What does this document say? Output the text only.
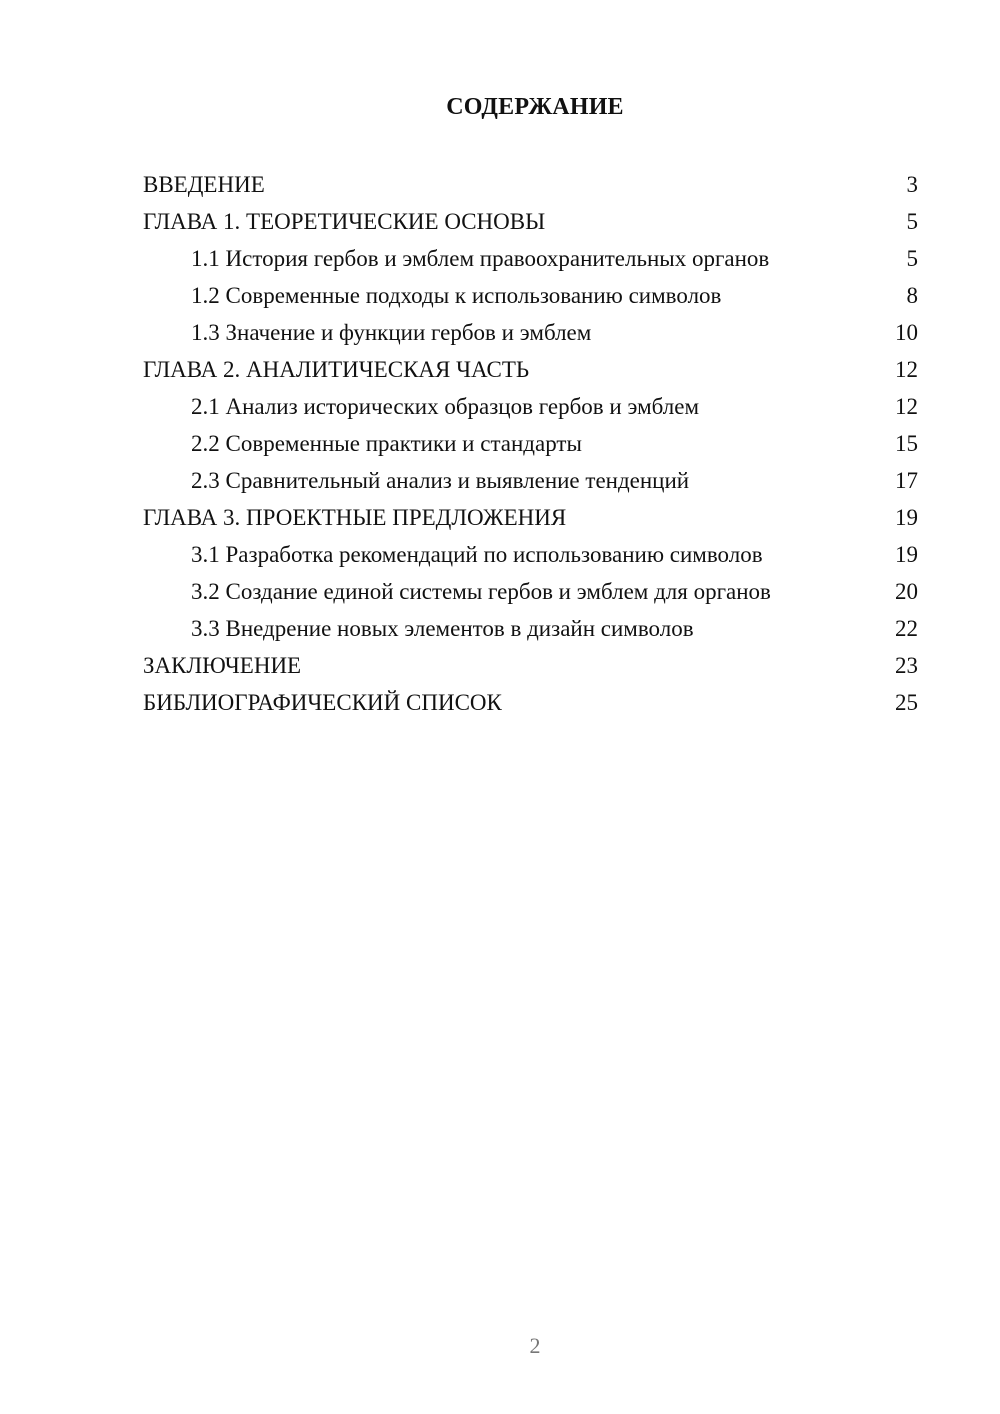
СОДЕРЖАНИЕ
ВВЕДЕНИЕ	3
ГЛАВА 1. ТЕОРЕТИЧЕСКИЕ ОСНОВЫ	5
1.1 История гербов и эмблем правоохранительных органов	5
1.2 Современные подходы к использованию символов	8
1.3 Значение и функции гербов и эмблем	10
ГЛАВА 2. АНАЛИТИЧЕСКАЯ ЧАСТЬ	12
2.1 Анализ исторических образцов гербов и эмблем	12
2.2 Современные практики и стандарты	15
2.3 Сравнительный анализ и выявление тенденций	17
ГЛАВА 3. ПРОЕКТНЫЕ ПРЕДЛОЖЕНИЯ	19
3.1 Разработка рекомендаций по использованию символов	19
3.2 Создание единой системы гербов и эмблем для органов	20
3.3 Внедрение новых элементов в дизайн символов	22
ЗАКЛЮЧЕНИЕ	23
БИБЛИОГРАФИЧЕСКИЙ СПИСОК	25
2
